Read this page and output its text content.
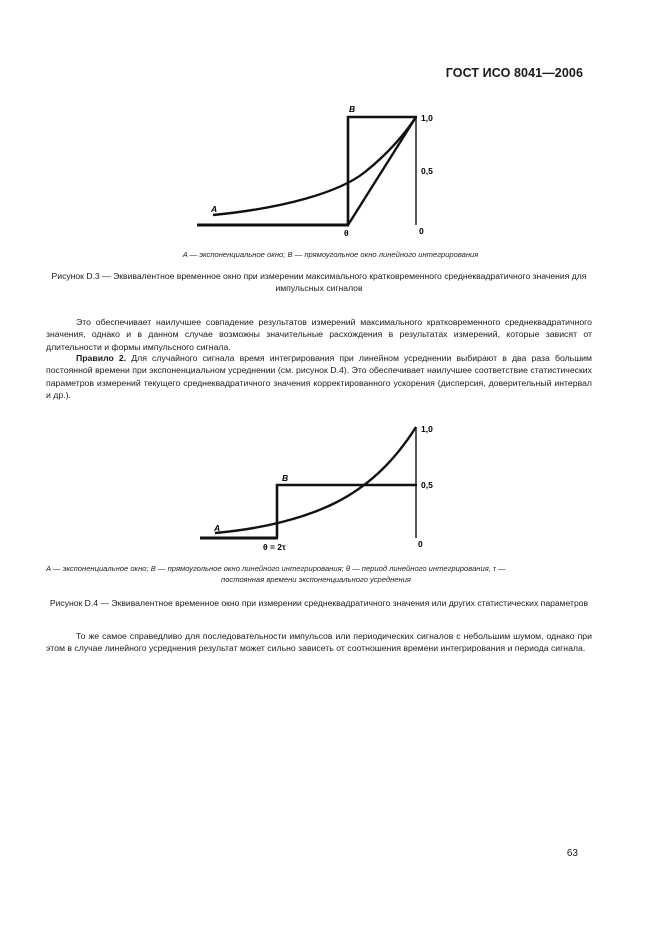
ГОСТ ИСО 8041—2006
A
B
θ	0
1,0
0,5
A — экспоненциальное окно; B — прямоугольное окно линейного интегрирования
Рисунок D.3 — Эквивалентное временное окно при измерении максимального кратковременного среднеквадратичного значения для импульсных сигналов

Это обеспечивает наилучшее совпадение результатов измерений максимального кратковременного среднеквадратичного значения, однако и в данном случае возможны значительные расхождения в результатах измерений, которые зависят от длительности и формы импульсного сигнала.

Правило 2. Для случайного сигнала время интегрирования при линейном усреднении выбирают в два раза большим постоянной времени при экспоненциальном усреднении (см. рисунок D.4). Это обеспечивает наилучшее соответствие статистических параметров измерений текущего среднеквадратичного значения корректированного ускорения (дисперсия, доверительный интервал и др.).

A
B
θ = 2τ	0
1,0
0,5
A — экспоненциальное окно; B — прямоугольное окно линейного интегрирования; θ — период линейного интегрирования, τ —
постоянная времени экспоненциального усреднения
Рисунок D.4 — Эквивалентное временное окно при измерении среднеквадратичного значения или других статистических параметров

То же самое справедливо для последовательности импульсов или периодических сигналов с небольшим шумом, однако при этом в случае линейного усреднения результат может сильно зависеть от соотношения времени интегрирования и периода сигнала.

63
